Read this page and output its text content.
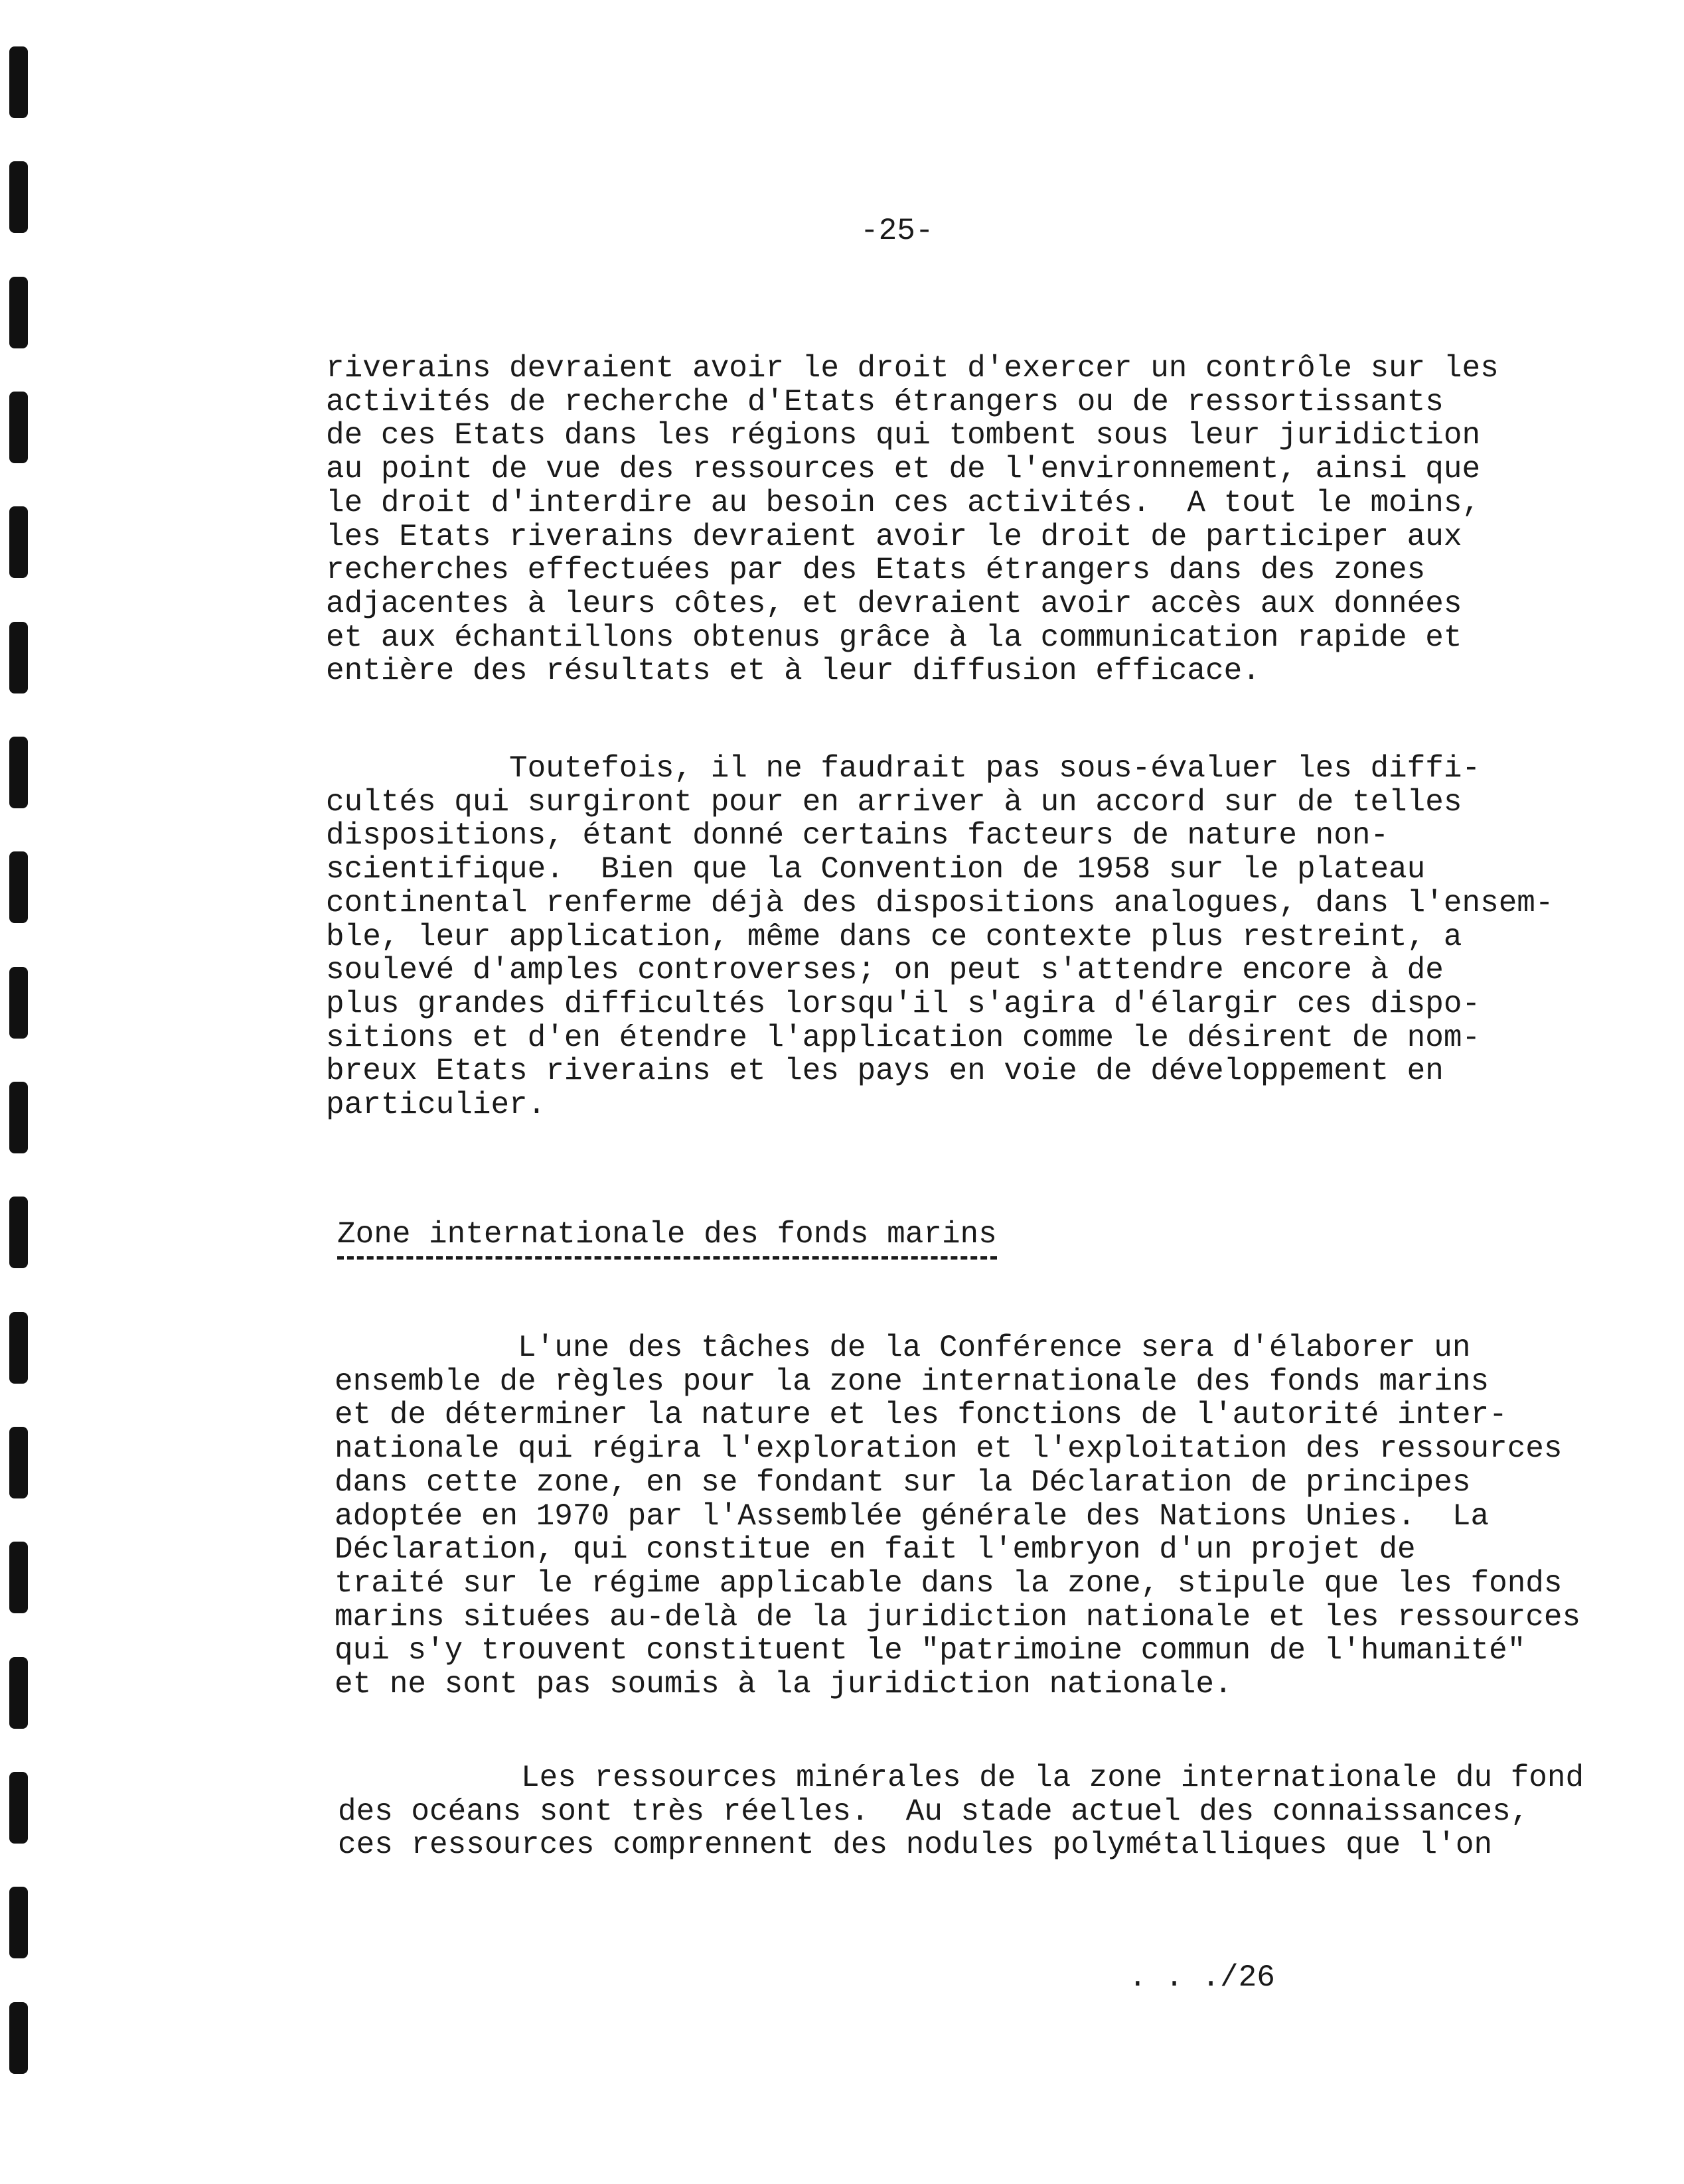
-25-
riverains devraient avoir le droit d'exercer un contrôle sur les
activités de recherche d'Etats étrangers ou de ressortissants
de ces Etats dans les régions qui tombent sous leur juridiction
au point de vue des ressources et de l'environnement, ainsi que
le droit d'interdire au besoin ces activités.  A tout le moins,
les Etats riverains devraient avoir le droit de participer aux
recherches effectuées par des Etats étrangers dans des zones
adjacentes à leurs côtes, et devraient avoir accès aux données
et aux échantillons obtenus grâce à la communication rapide et
entière des résultats et à leur diffusion efficace.
Toutefois, il ne faudrait pas sous-évaluer les diffi-
cultés qui surgiront pour en arriver à un accord sur de telles
dispositions, étant donné certains facteurs de nature non-
scientifique.  Bien que la Convention de 1958 sur le plateau
continental renferme déjà des dispositions analogues, dans l'ensem-
ble, leur application, même dans ce contexte plus restreint, a
soulevé d'amples controverses; on peut s'attendre encore à de
plus grandes difficultés lorsqu'il s'agira d'élargir ces dispo-
sitions et d'en étendre l'application comme le désirent de nom-
breux Etats riverains et les pays en voie de développement en
particulier.
Zone internationale des fonds marins
L'une des tâches de la Conférence sera d'élaborer un
ensemble de règles pour la zone internationale des fonds marins
et de déterminer la nature et les fonctions de l'autorité inter-
nationale qui régira l'exploration et l'exploitation des ressources
dans cette zone, en se fondant sur la Déclaration de principes
adoptée en 1970 par l'Assemblée générale des Nations Unies.  La
Déclaration, qui constitue en fait l'embryon d'un projet de
traité sur le régime applicable dans la zone, stipule que les fonds
marins situées au-delà de la juridiction nationale et les ressources
qui s'y trouvent constituent le "patrimoine commun de l'humanité"
et ne sont pas soumis à la juridiction nationale.
Les ressources minérales de la zone internationale du fond
des océans sont très réelles.  Au stade actuel des connaissances,
ces ressources comprennent des nodules polymétalliques que l'on
. . ./26
